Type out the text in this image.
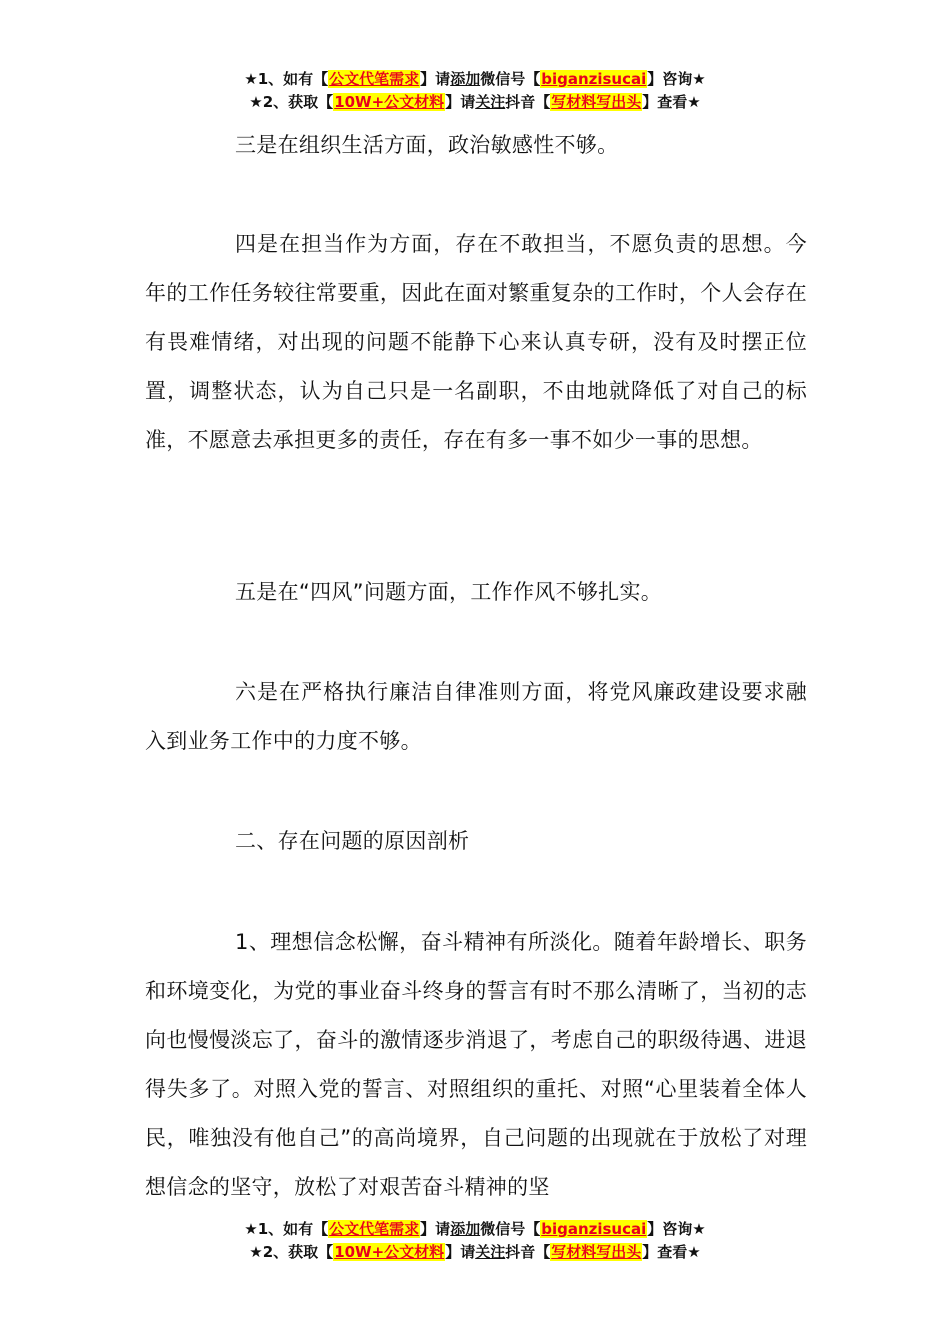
★1、如有【公文代笔需求】请添加微信号【biganzisucai】咨询★
★2、获取【10W+公文材料】请关注抖音【写材料写出头】查看★

三是在组织生活方面，政治敏感性不够。

四是在担当作为方面，存在不敢担当，不愿负责的思想。今年的工作任务较往常要重，因此在面对繁重复杂的工作时，个人会存在有畏难情绪，对出现的问题不能静下心来认真专研，没有及时摆正位置，调整状态，认为自己只是一名副职，不由地就降低了对自己的标准，不愿意去承担更多的责任，存在有多一事不如少一事的思想。

五是在“四风”问题方面，工作作风不够扎实。

六是在严格执行廉洁自律准则方面，将党风廉政建设要求融入到业务工作中的力度不够。

二、存在问题的原因剖析

1、理想信念松懈，奋斗精神有所淡化。随着年龄增长、职务和环境变化，为党的事业奋斗终身的誓言有时不那么清晰了，当初的志向也慢慢淡忘了，奋斗的激情逐步消退了，考虑自己的职级待遇、进退得失多了。对照入党的誓言、对照组织的重托、对照“心里装着全体人民，唯独没有他自己”的高尚境界，自己问题的出现就在于放松了对理想信念的坚守，放松了对艰苦奋斗精神的坚

★1、如有【公文代笔需求】请添加微信号【biganzisucai】咨询★
★2、获取【10W+公文材料】请关注抖音【写材料写出头】查看★
